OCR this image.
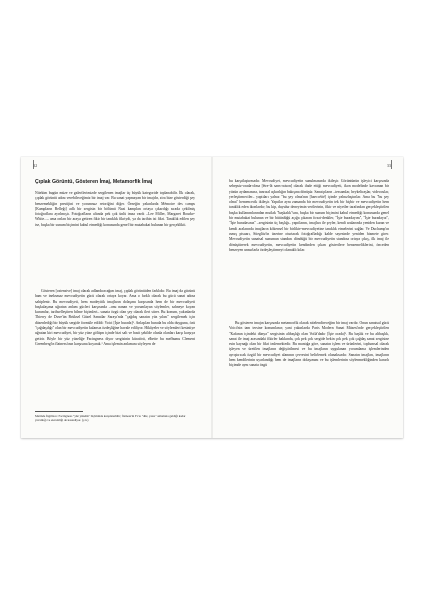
32
Çıplak Görüntü, Gösteren İmaj, Metamorfik İmaj

Nitekim bugün müze ve galerilerimizde sergilenen imajlar üç büyük kategoride toplanabilir. İlk olarak, çıplak görüntü adını verebileceğimiz bir imaj var. Bu sanat yapmayan bir imajdır, zira bize gösterdiği şey benzemekliğin prestijini ve yorumsuz retoriğini diğer. Örneğin yakınlarda Mémoire des camps [Kampların Belleği] adlı bir sergisin bir bölümü Nazi kampları ortaya çıkardığı sırada çekilmiş fotoğraflara ayrılmıştı. Fotoğrafların altında pek çok ünlü imza vardı –Lee Miller, Margaret Bourke-White...– ama onları bir araya getiren fikir bir tanıklık fikriydi, ya da tarihin izi fikri. Tanıklık edilen şey ise, başka bir sunum biçimini kabul etmediği konusunda genel bir mutabakat bulunan bir gerçeklikti.

Gösteren [ostensive] imaj olarak adlandıracağım imaj, çıplak görüntüden farklıdır. Bu imaj da gücünü ham ve ineksmaz mevcudiyetin gücü olarak ortaya koyar. Ama o farklı olarak bu gücü sanat adına sahiplenir. Bu mevcudiyeti, hem modeyitik imajların dolaşımı karşısında hem de bir mevcudiyeti başkalaşıma uğratan anlam gücleri karşısında –onu nanan ve yorumlayan söylemler, sahneye koyan kurumlar, tarihselleştiren bilme biçimleri– sanata özgü olan şey olarak ileri sürer. Bu konum, yakınlarda Thierry de Duve'ün Brüksel Güzel Sanatlar Sarayı'nda "çağdaş sanatın yüz yılını" sergilemek için düzenlediği bir büyük sergide formüle edildi: Voici [İşte burada]¹. Anlaşılan burada bu olda duyguna, özü "çağdaşdığı" olan bir mevcudiyetin kalansız özdeşliğine havale ediliyor. Hikâyeler ve söylemleri kesintiye uğratan kiri mevcudiyet, bir yüz yüze gölüşm içinde bizi salt ve basit şekilde olanla olanları karşı karşıya getirir. Böyle bir yüz yüzeliğe Facingness diyor sergisinin küratörü, elbette bu mefhumu Clement Greenberg'in flatness'ının karşısına koyarak.² Ama işlemin anlamını söyleyen de

Metinde İngilizce: Facingness "yüz yüzelik" biçiminde karşılanabilir; flatness'in Fr.'sı "düz, yassı" anlamına geldiği kadar yavanlığı ve etersizliği de kastediyor. (ç.n.)
33

bu karşıtlaştırmadır. Mevcudiyet, mevcudiyetin sunulmasında iktleşir. Görüntünün işleyici karşısında sebepsiz-orada-olma [être-là sans-raison] olarak ifade ettiği mevcudiyeti, ikon modelinde kavranan bir yüzün aydamasına, tanrısal açkınlığın bakışına dönüşür. Sanatçıların –tessamlar, heykeltraşlar, videocular, yerleştirmeciler– yaptıları yalnız "bu şey olma'nın [haeccéité] içinde yalnızlaştırılar. Ama bu "bu şey olma" hemencecik ikileşir. Yapıtlar aynı zamanda bir mevcudiyetin tek bir hiçbir ve mevcudiyetin hem tanıklık eden ikonlardır; bu kip, duyulur deneyimin verilerinin, fikir ve niyetler tarafından gerçekleştirilen başka kullanımlarından mutlak "başkalık"sını, başka bir sunum biçimini kabul etmediği konusunda genel bir mutabakat bulunan ve bir bütünlüğü açığa çıkaran fırsat-denkler, "İşte buradayım", "İşte buradayız", "İşte buradasınız" –sergisinin üç başlığı– yapıtlarını, imajları ile şeyler, kendi aralarında yeniden kuran ve kendi aralarında imajların kökensel bir birlikte-mevcudiyetine tanıklık etmelerini sağlar. Ve Duchamp'ın ısmış pisuarı, Stieglitz'in üzerine oturtarak fotoğrafladığı kalde sayesinde yeniden hizmete girer. Mevcudiyetin sanatsal sunumun standını döndüğü bir mevcudiyetin standına ortaya çıkış, ilk imaj ile dönüştürerek mevcudiyetin, mevcudiyetin kendinden çıkan gösterilere benzemeliklerini, önceden benzeyen unsurlarla özdeşleştirmeyi olanaklı kılar.

Bu gösteren imajın karşısında metamorfik olarak nitelendireceğim bir imaj vardır. Onun sanatsal gücü Voici'nin tam tersine konumlanır; yani yakınlarda Paris Modern Sanat Müzesi'nde gerçekleştirilen "Kafanın içindeki dünya" sergisinin altbaşlığı olan Voilà'dadır [İşte orada]¹. Bu başlık ve bu altbaşlık, sanat ile imaj arasındaki fikirler bakkında, çok pek çok sergide bekin çok pek çok çağdaş sanat sergisine esin kaynağı olan bir fikri imlemektedir. Bu mantığa göre, sanatın işlem ve ürünlerini, toplumsal olarak işleyen ve üretilen imajların değiştirilmesi ve bu imajların uygulanan yorumlama işlemlerinden ayrıştırıcak özgül bir mevcudiyet alanının çevresini belirlemek olanaksızdır. Sanatın imajları, imajların hem kendilerinin uyarlandığı hem de imajların dolaşımını ve bu işlemlerinin söylenmekliğinden kararlı biçimde aynı sanata özgü
